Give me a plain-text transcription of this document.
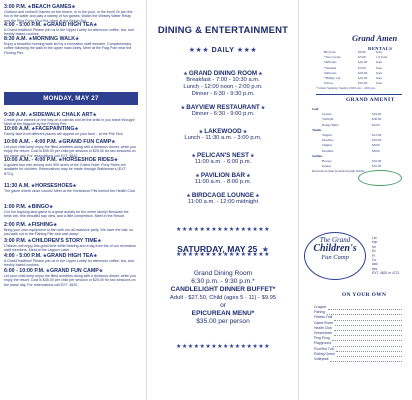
MONDAY, MAY 27
3:00 P.M. ★BEACH GAMES★
Outdoor and clothed! Games on the beach, or to the pool, in the front! Or join the fun in the water and play a variety of fun games. Watch the Wesley Water Relay and the Ping Pong Shot Put. Meet at the Beach Bar.
4:00 - 5:00 P.M. ★GRAND HIGH TEA★
A Grand tradition! Please join us in the Upper Lobby for afternoon coffee, tea, and freshly baked cookies.
8:30 A.M. ★MORNING WALK★
Enjoy a beautiful morning walk led by a recreation staff member. Complimentary coffee following the walk in the upper main lobby. Meet at the Flag Pole near the Fishing Pier.
9:30 A.M. ★SIDEWALK CHALK ART★
Create your artwork on the bay on a canvas and let the artist in you shine through! Meet at the flagpole by the Fishing Pier.
10:00 A.M. ★FACEPAINTING★
Family face from different places will appear on your face... at the Pile Tent.
10:00 A.M. - 4:00 P.M. ★GRAND FUN CAMP★
Let your child keep enjoy the filled activities along with a delicious dinner, while you enjoy the resort. Cost is $35.00 per child per session or $25.00 for two sessions on the same day. For reservations call EXT. 4620.
10:00 A.M. - 4:00 P.M. ★HORSESHOE RIDES★
A guided tour ride among over 500 acres of the Grand Hotel. Pony Rides are available for children. Reservations may be made through Stableman's (EXT. 8721).
11:30 A.M. ★HORSESHOES★
The game where close counts! Meet at the Horseshoe Pits behind the Health Club.
1:00 P.M. ★BINGO★
Our fun baylong land game is a great activity for the entire family! Because the birds are, this beautiful bay view, and a little competition. Meet in the Resort.
2:00 P.M. ★FISHING★
Bring your own equipment or fish with our all-inclusive party. We have the bait, so just walk out to the Fishing Pier and cast away!
3:00 P.M. ★CHILDREN'S STORY TIME★
Children will enjoy this good time while hearing and a tag from the of our recreation staff members. Meet at the Lagoon Lawn.
4:00 - 5:00 P.M. ★GRAND HIGH TEA★
A Grand tradition! Please join us in the Upper Lobby for afternoon coffee, tea, and freshly baked cookies.
6:00 - 10:00 P.M. ★GRAND FUN CAMP★
Let your child keep enjoy the filled activities along with a delicious dinner, while you enjoy the resort. Cost is $35.00 per child per session or $25.00 for two sessions on the same day. For reservations call EXT. 4620.
DINING & ENTERTAINMENT
★★★ DAILY ★★★
★ GRAND DINING ROOM ★
Breakfast - 7:00 - 10:30 a.m.
Lunch - 12:00 noon - 2:00 p.m.
Dinner - 6:30 - 9:30 p.m.
★ BAYVIEW RESTAURANT ★
Dinner - 6:30 - 9:00 p.m.
★ LAKEWOOD ★
Lunch - 11:30 a.m. - 3:00 p.m.
★ PELICAN'S NEST ★
11:00 a.m. - 6:00 p.m.
★ PAVILION BAR ★
11:00 a.m. - 8:00 p.m.
★ BIRDCAGE LOUNGE ★
11:00 a.m. - 12:00 midnight
★★★★★★★★★★★★★★★★
SATURDAY, MAY 25 ★
★★★★★★★★★★★★★★★★
Grand Dining Room
6:30 p.m. - 9:30 p.m.*
CANDLELIGHT DINNER BUFFET*
Adult - $27.50, Child (ages 5 - 11) - $9.95
or
EPICUREAN MENU*
$35.00 per person
★★★★★★★★★★★★★★★★
Grand Amen
RENTALS
Bicycles	$4.00	hour
*Sea Cycles	$5.00	1/2 hour
Sailboats	$10.00	hour
*Snorkel	$5.00	hour
Sailboats	$18.00	hour
*Bulley Cat	$10.00	hour
Waves	$10.00	hour
* Under, Saturday, Sunday 10:00 a.m. - 4:00 p.m.
GRAND AMENIT
Golf
Greens	$54.00
Twilight	$30.00
Range Balls	$4.00
Tennis
Singles	$12.00
Doubles	$16.00
Singles	$8.00
Doubles	$8.00
Stables
Horses	$32.00
Ponies	$10.00
Reservations must be made through Stables.
The Grand
Children's
Fun Camp
Let
exp
for
Ex
Fr
Co
and
ses
EXT. 4620 or 4721
ON YOUR OWN
Croquet
Fishing
Fitness Trail
Game Room
Health Club
Horseshoes
Ping Pong
Playground
Pool/Hot Tub
Putting Green
Volleyball
